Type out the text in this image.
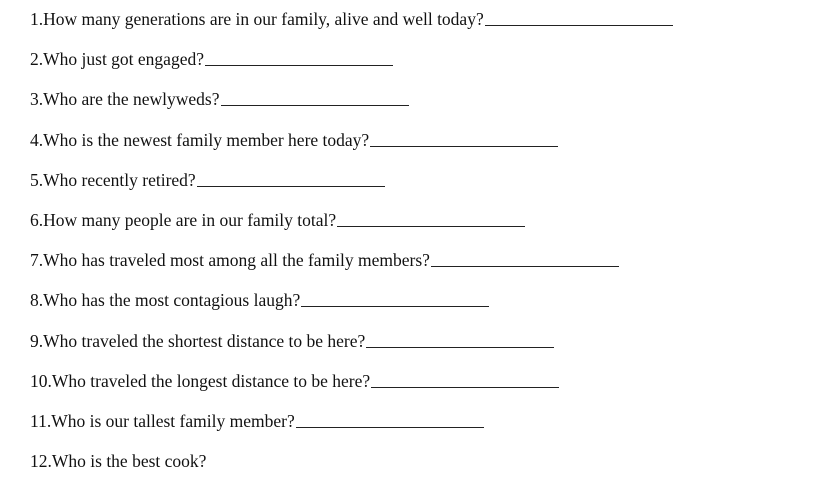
1. How many generations are in our family, alive and well today?
2. Who just got engaged?
3. Who are the newlyweds?
4. Who is the newest family member here today?
5. Who recently retired?
6. How many people are in our family total?
7. Who has traveled most among all the family members?
8. Who has the most contagious laugh?
9. Who traveled the shortest distance to be here?
10. Who traveled the longest distance to be here?
11. Who is our tallest family member?
12. Who is the best cook?
